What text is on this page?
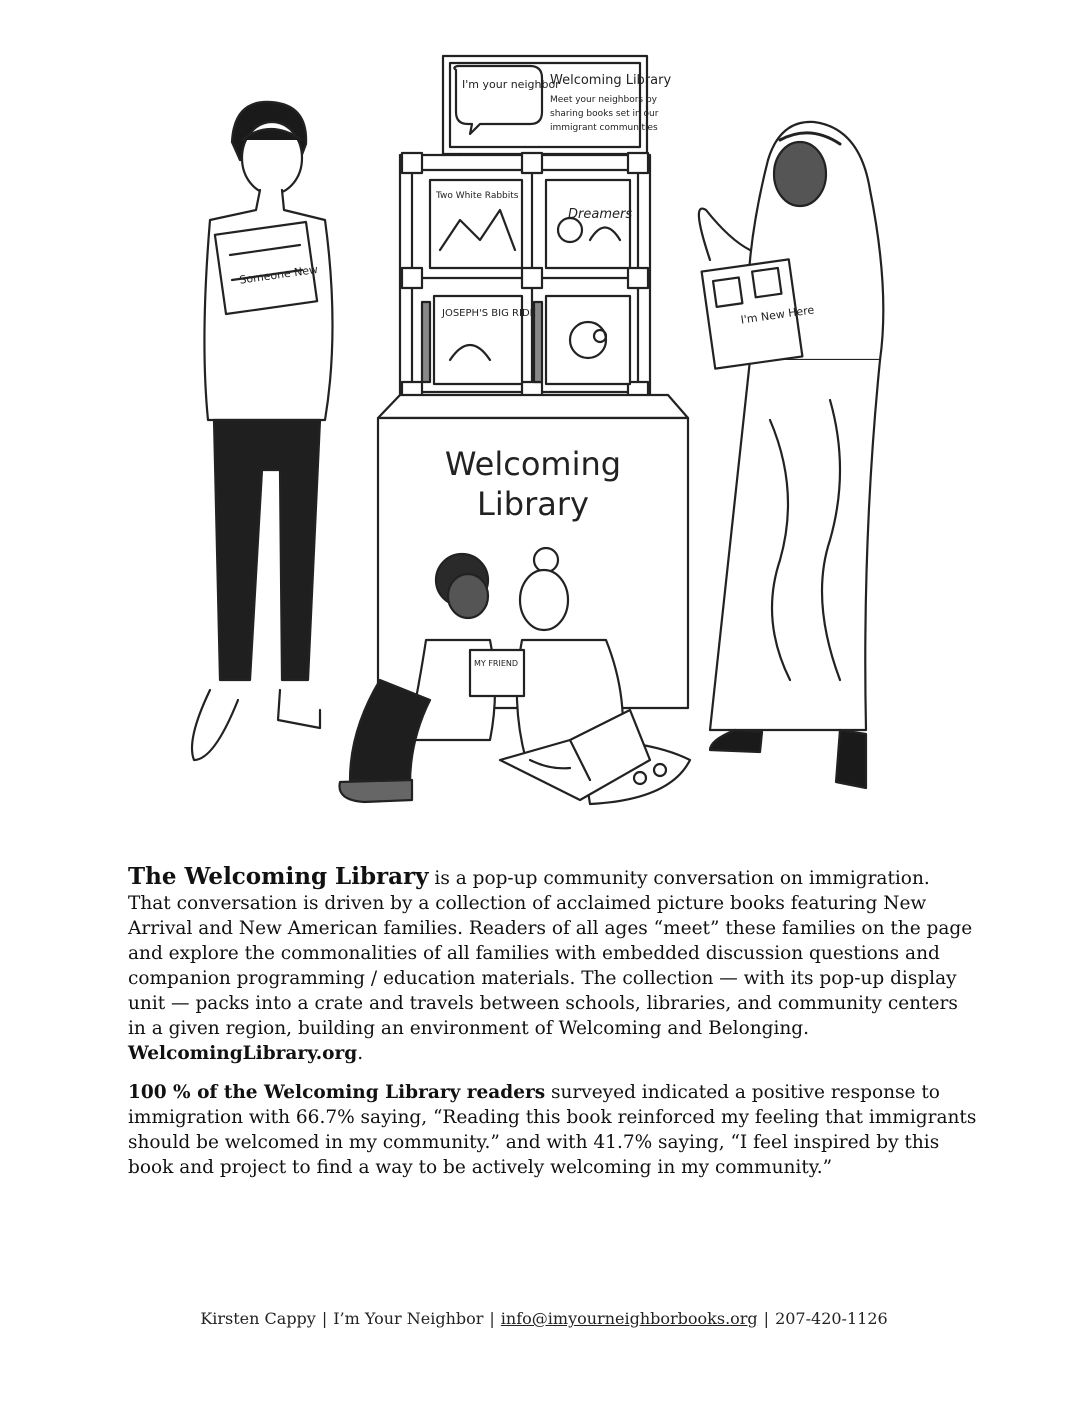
I'm your neighbor
Welcoming Library
Meet your neighbors by
sharing books set in our
immigrant communities
Two White Rabbits
Dreamers
JOSEPH'S BIG RIDE
Welcoming
Library
Someone New
I'm New Here
MY FRIEND

The Welcoming Library is a pop-up community conversation on immigration. That conversation is driven by a collection of acclaimed picture books featuring New Arrival and New American families. Readers of all ages “meet” these families on the page and explore the commonalities of all families with embedded discussion questions and companion programming / education materials. The collection — with its pop-up display unit — packs into a crate and travels between schools, libraries, and community centers in a given region, building an environment of Welcoming and Belonging. WelcomingLibrary.org.

100 % of the Welcoming Library readers surveyed indicated a positive response to immigration with 66.7% saying, “Reading this book reinforced my feeling that immigrants should be welcomed in my community.” and with 41.7% saying, “I feel inspired by this book and project to find a way to be actively welcoming in my community.”

Kirsten Cappy | I’m Your Neighbor | info@imyourneighborbooks.org | 207-420-1126
